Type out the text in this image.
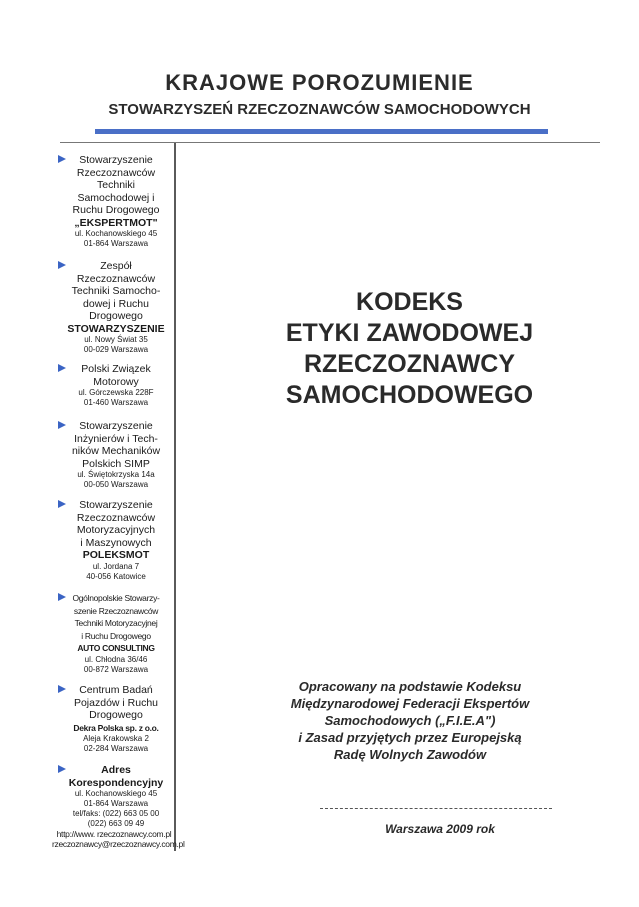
KRAJOWE POROZUMIENIE
STOWARZYSZEŃ RZECZOZNAWCÓW SAMOCHODOWYCH
Stowarzyszenie
Rzeczoznawców
Techniki
Samochodowej i
Ruchu Drogowego
„EKSPERTMOT"
ul. Kochanowskiego 45
01-864 Warszawa
Zespół
Rzeczoznawców
Techniki Samocho-
dowej i Ruchu
Drogowego
STOWARZYSZENIE
ul. Nowy Świat 35
00-029 Warszawa
Polski Związek
Motorowy
ul. Górczewska 228F
01-460 Warszawa
Stowarzyszenie
Inżynierów i Tech-
ników Mechaników
Polskich SIMP
ul. Świętokrzyska 14a
00-050 Warszawa
Stowarzyszenie
Rzeczoznawców
Motoryzacyjnych
i Maszynowych
POLEKSMOT
ul. Jordana 7
40-056 Katowice
Ogólnopolskie Stowarzy-
szenie Rzeczoznawców
Techniki Motoryzacyjnej
i Ruchu Drogowego
AUTO CONSULTING
ul. Chłodna 36/46
00-872 Warszawa
Centrum Badań
Pojazdów i Ruchu
Drogowego
Dekra Polska sp. z o.o.
Aleja Krakowska 2
02-284 Warszawa
Adres
Korespondencyjny
ul. Kochanowskiego 45
01-864 Warszawa
tel/faks: (022) 663 05 00
(022) 663 09 49
http://www. rzeczoznawcy.com.pl
rzeczoznawcy@rzeczoznawcy.com.pl
KODEKS
ETYKI ZAWODOWEJ
RZECZOZNAWCY
SAMOCHODOWEGO
Opracowany na podstawie Kodeksu
Międzynarodowej Federacji Ekspertów
Samochodowych („F.I.E.A")
i Zasad przyjętych przez Europejską
Radę Wolnych Zawodów
Warszawa 2009 rok
